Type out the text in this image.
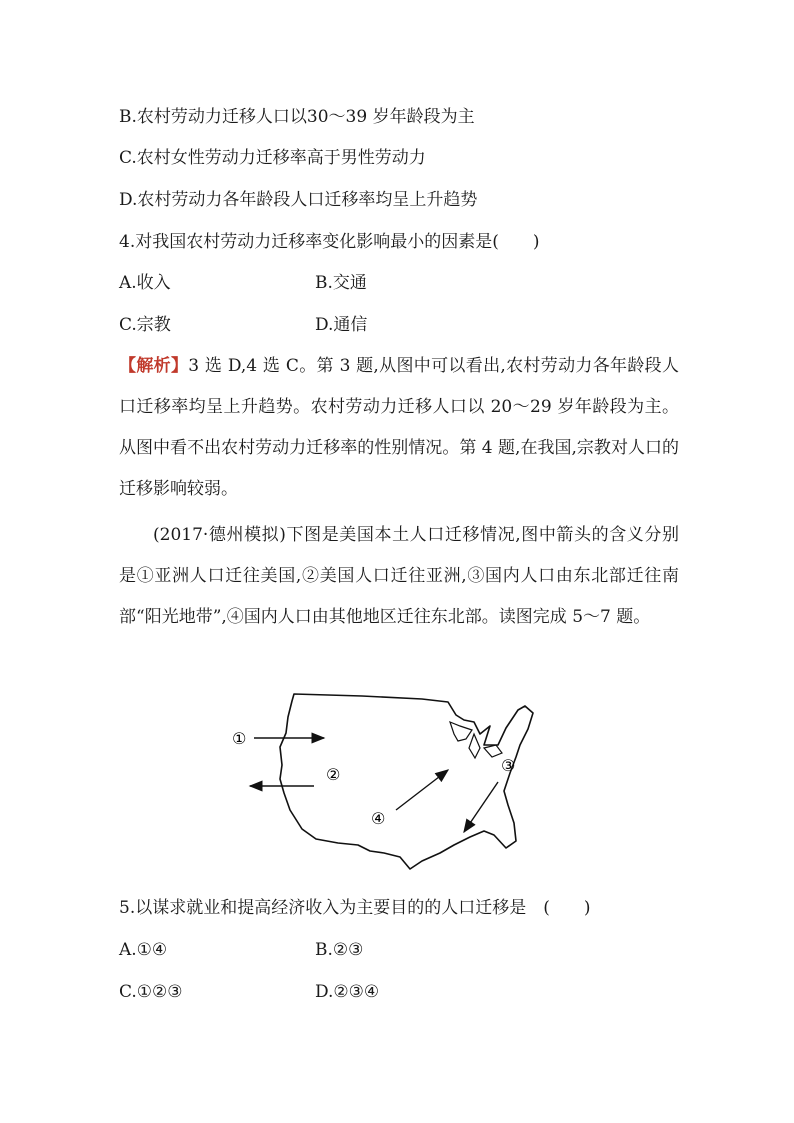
B.农村劳动力迁移人口以30～39 岁年龄段为主
C.农村女性劳动力迁移率高于男性劳动力
D.农村劳动力各年龄段人口迁移率均呈上升趋势
4.对我国农村劳动力迁移率变化影响最小的因素是(　　)
A.收入	B.交通
C.宗教	D.通信
【解析】3 选 D,4 选 C。第 3 题,从图中可以看出,农村劳动力各年龄段人口迁移率均呈上升趋势。农村劳动力迁移人口以 20～29 岁年龄段为主。从图中看不出农村劳动力迁移率的性别情况。第 4 题,在我国,宗教对人口的迁移影响较弱。
(2017·德州模拟)下图是美国本土人口迁移情况,图中箭头的含义分别是①亚洲人口迁往美国,②美国人口迁往亚洲,③国内人口由东北部迁往南部“阳光地带”,④国内人口由其他地区迁往东北部。读图完成 5～7 题。
①
②	③
④
5.以谋求就业和提高经济收入为主要目的的人口迁移是　(　　)
A.①④	B.②③
C.①②③	D.②③④
